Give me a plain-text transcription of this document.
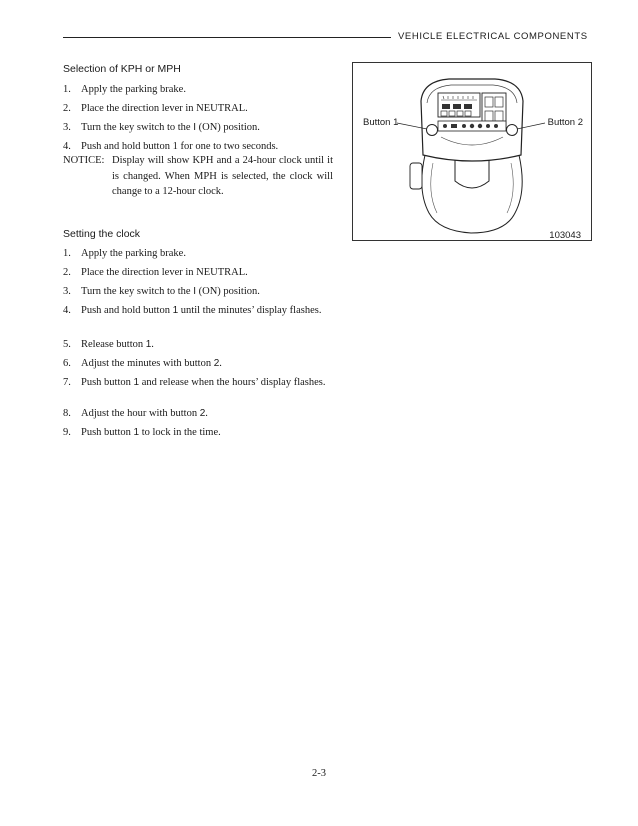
VEHICLE ELECTRICAL COMPONENTS
Selection of KPH or MPH
1. Apply the parking brake.
2. Place the direction lever in NEUTRAL.
3. Turn the key switch to the I (ON) position.
4. Push and hold button 1 for one to two seconds.
NOTICE: Display will show KPH and a 24-hour clock until it is changed. When MPH is selected, the clock will change to a 12-hour clock.
Setting the clock
1. Apply the parking brake.
2. Place the direction lever in NEUTRAL.
3. Turn the key switch to the I (ON) position.
4. Push and hold button 1 until the minutes’ display flashes.
5. Release button 1.
6. Adjust the minutes with button 2.
7. Push button 1 and release when the hours’ display flashes.
8. Adjust the hour with button 2.
9. Push button 1 to lock in the time.
Button 1	Button 2
103043
2-3
